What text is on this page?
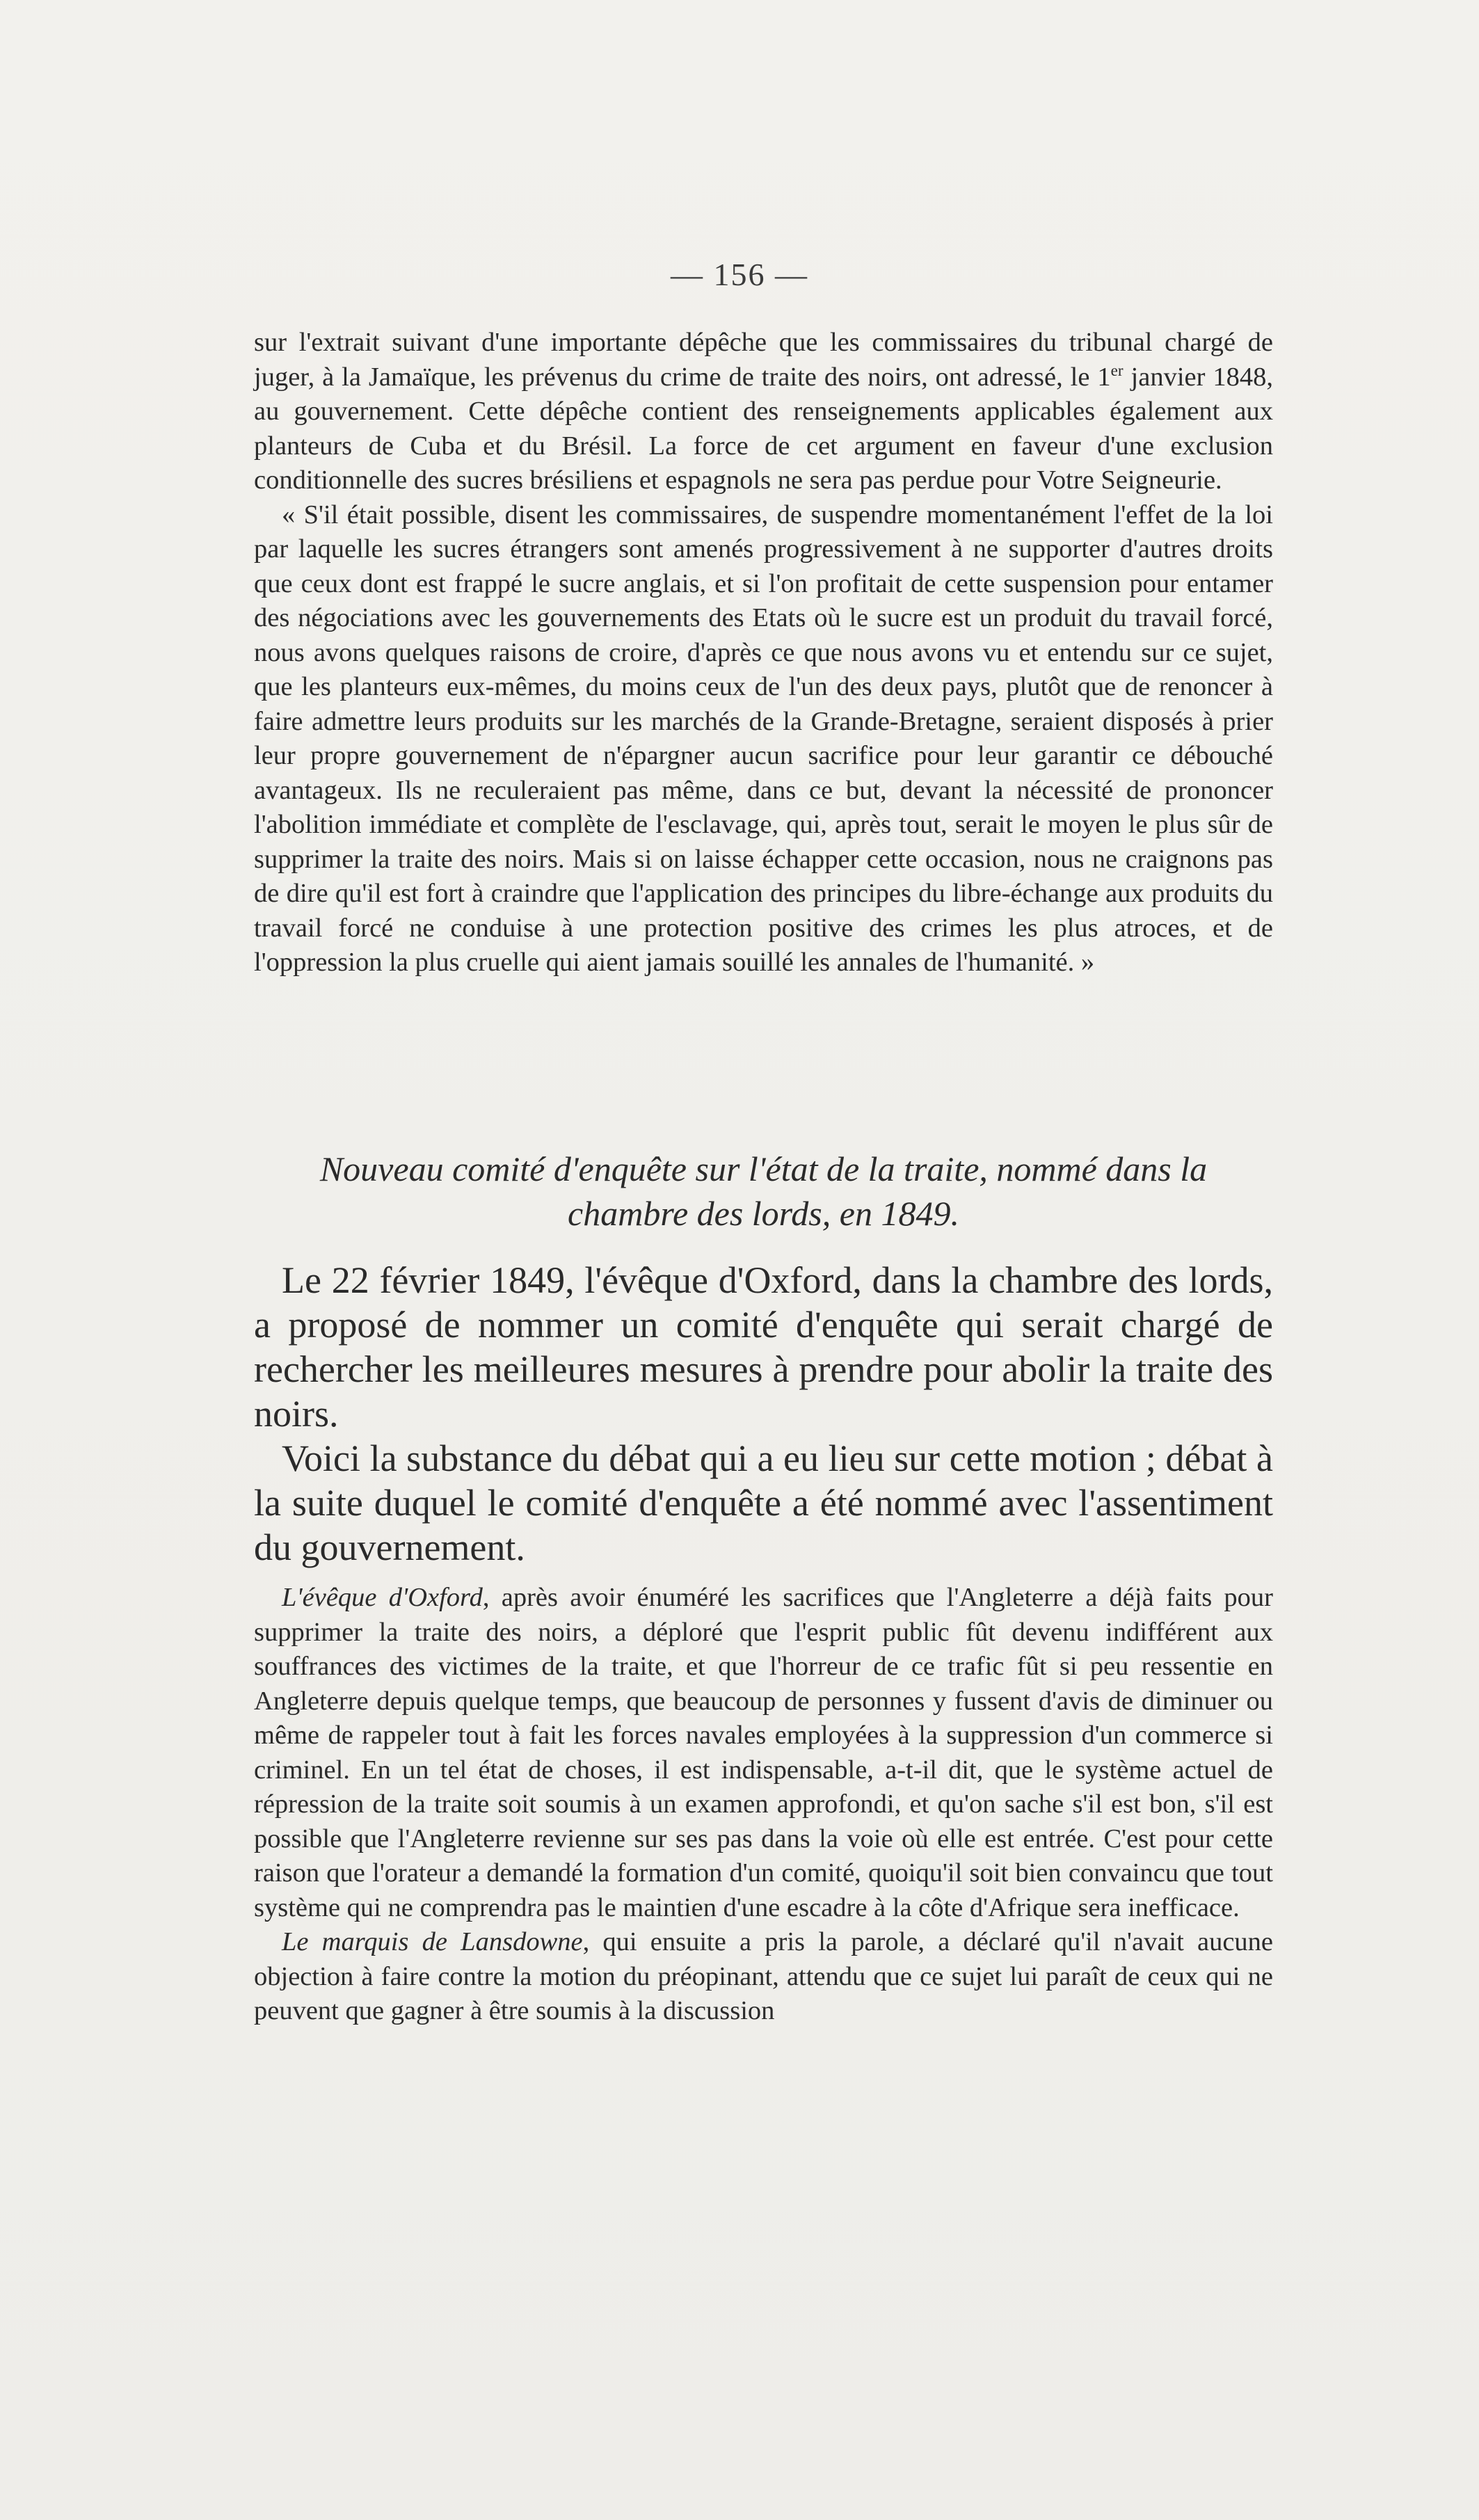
— 156 —

sur l'extrait suivant d'une importante dépêche que les commissaires du tribunal chargé de juger, à la Jamaïque, les prévenus du crime de traite des noirs, ont adressé, le 1er janvier 1848, au gouvernement. Cette dépêche contient des renseignements applicables également aux planteurs de Cuba et du Brésil. La force de cet argument en faveur d'une exclusion conditionnelle des sucres brésiliens et espagnols ne sera pas perdue pour Votre Seigneurie.

« S'il était possible, disent les commissaires, de suspendre momentanément l'effet de la loi par laquelle les sucres étrangers sont amenés progressivement à ne supporter d'autres droits que ceux dont est frappé le sucre anglais, et si l'on profitait de cette suspension pour entamer des négociations avec les gouvernements des Etats où le sucre est un produit du travail forcé, nous avons quelques raisons de croire, d'après ce que nous avons vu et entendu sur ce sujet, que les planteurs eux-mêmes, du moins ceux de l'un des deux pays, plutôt que de renoncer à faire admettre leurs produits sur les marchés de la Grande-Bretagne, seraient disposés à prier leur propre gouvernement de n'épargner aucun sacrifice pour leur garantir ce débouché avantageux. Ils ne reculeraient pas même, dans ce but, devant la nécessité de prononcer l'abolition immédiate et complète de l'esclavage, qui, après tout, serait le moyen le plus sûr de supprimer la traite des noirs. Mais si on laisse échapper cette occasion, nous ne craignons pas de dire qu'il est fort à craindre que l'application des principes du libre-échange aux produits du travail forcé ne conduise à une protection positive des crimes les plus atroces, et de l'oppression la plus cruelle qui aient jamais souillé les annales de l'humanité. »

Nouveau comité d'enquête sur l'état de la traite, nommé dans la
chambre des lords, en 1849.

Le 22 février 1849, l'évêque d'Oxford, dans la chambre des lords, a proposé de nommer un comité d'enquête qui serait chargé de rechercher les meilleures mesures à prendre pour abolir la traite des noirs.

Voici la substance du débat qui a eu lieu sur cette motion ; débat à la suite duquel le comité d'enquête a été nommé avec l'assentiment du gouvernement.

L'évêque d'Oxford, après avoir énuméré les sacrifices que l'Angleterre a déjà faits pour supprimer la traite des noirs, a déploré que l'esprit public fût devenu indifférent aux souffrances des victimes de la traite, et que l'horreur de ce trafic fût si peu ressentie en Angleterre depuis quelque temps, que beaucoup de personnes y fussent d'avis de diminuer ou même de rappeler tout à fait les forces navales employées à la suppression d'un commerce si criminel. En un tel état de choses, il est indispensable, a-t-il dit, que le système actuel de répression de la traite soit soumis à un examen approfondi, et qu'on sache s'il est bon, s'il est possible que l'Angleterre revienne sur ses pas dans la voie où elle est entrée. C'est pour cette raison que l'orateur a demandé la formation d'un comité, quoiqu'il soit bien convaincu que tout système qui ne comprendra pas le maintien d'une escadre à la côte d'Afrique sera inefficace.

Le marquis de Lansdowne, qui ensuite a pris la parole, a déclaré qu'il n'avait aucune objection à faire contre la motion du préopinant, attendu que ce sujet lui paraît de ceux qui ne peuvent que gagner à être soumis à la discussion
